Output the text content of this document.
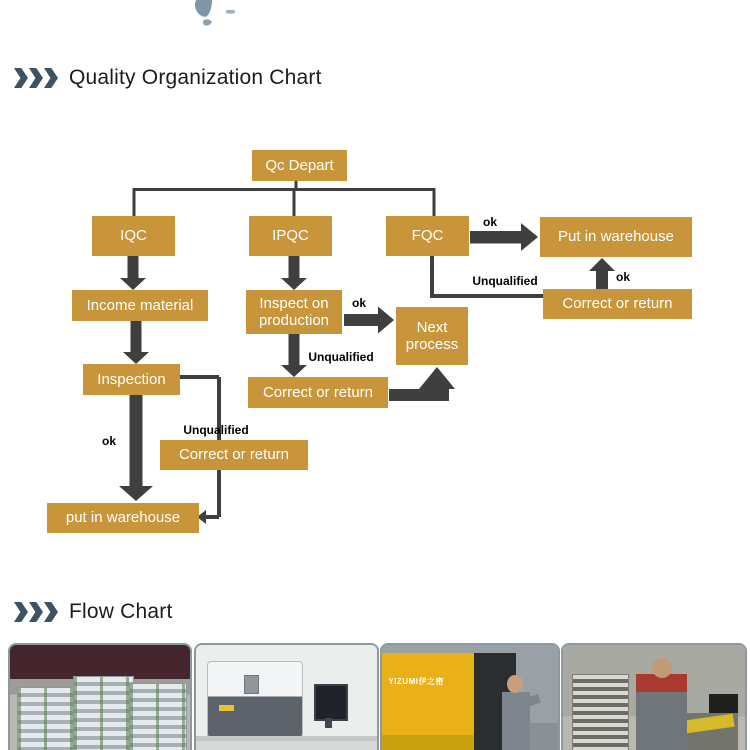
Quality Organization Chart
Qc Depart
IQC	IPQC	FQC	Put in warehouse
Income material	Inspect on production	Next process
Correct or return
Inspection
Correct or return
Correct or return
put in warehouse
ok
Unqualified	ok
ok
Unqualified
Unqualified
ok
Flow Chart
YIZUMI伊之密
